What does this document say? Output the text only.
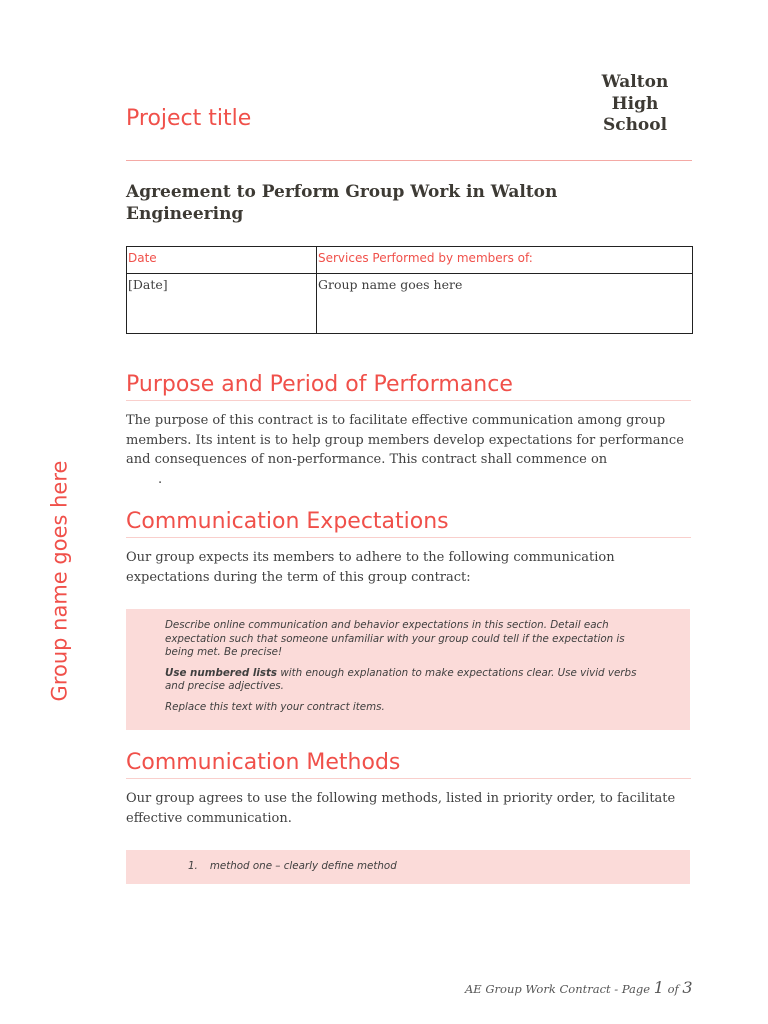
Walton
High
School
Project title
Agreement to Perform Group Work in Walton Engineering
Date	Services Performed by members of:
[Date]	Group name goes here
Purpose and Period of Performance
The purpose of this contract is to facilitate effective communication among group members. Its intent is to help group members develop expectations for performance and consequences of non-performance. This contract shall commence on
.
Communication Expectations
Our group expects its members to adhere to the following communication expectations during the term of this group contract:

Describe online communication and behavior expectations in this section. Detail each expectation such that someone unfamiliar with your group could tell if the expectation is being met. Be precise!

Use numbered lists with enough explanation to make expectations clear. Use vivid verbs and precise adjectives.

Replace this text with your contract items.

Communication Methods
Our group agrees to use the following methods, listed in priority order, to facilitate effective communication.
1. method one – clearly define method
Group name goes here
AE Group Work Contract - Page 1 of 3
